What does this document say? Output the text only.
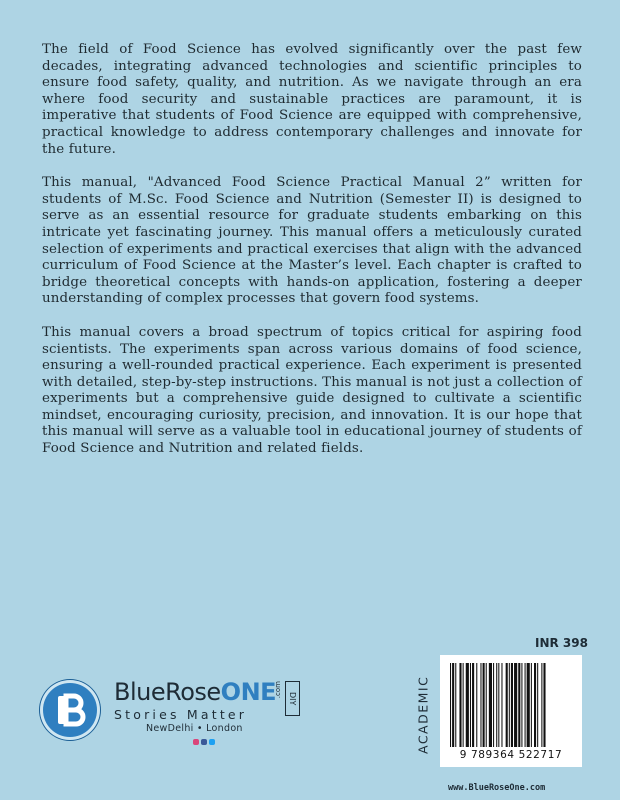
The field of Food Science has evolved significantly over the past few decades, integrating advanced technologies and scientific principles to ensure food safety, quality, and nutrition. As we navigate through an era where food security and sustainable practices are paramount, it is imperative that students of Food Science are equipped with comprehensive, practical knowledge to address contemporary challenges and innovate for the future.

This manual, "Advanced Food Science Practical Manual 2” written for students of M.Sc. Food Science and Nutrition (Semester II) is designed to serve as an essential resource for graduate students embarking on this intricate yet fascinating journey. This manual offers a meticulously curated selection of experiments and practical exercises that align with the advanced curriculum of Food Science at the Master’s level. Each chapter is crafted to bridge theoretical concepts with hands-on application, fostering a deeper understanding of complex processes that govern food systems.

This manual covers a broad spectrum of topics critical for aspiring food scientists. The experiments span across various domains of food science, ensuring a well-rounded practical experience. Each experiment is presented with detailed, step-by-step instructions. This manual is not just a collection of experiments but a comprehensive guide designed to cultivate a scientific mindset, encouraging curiosity, precision, and innovation. It is our hope that this manual will serve as a valuable tool in educational journey of students of Food Science and Nutrition and related fields.

BlueRoseONE
Stories Matter
.com
DIY
NewDelhi • London
INR 398
ACADEMIC
9 789364 522717
www.BlueRoseOne.com
